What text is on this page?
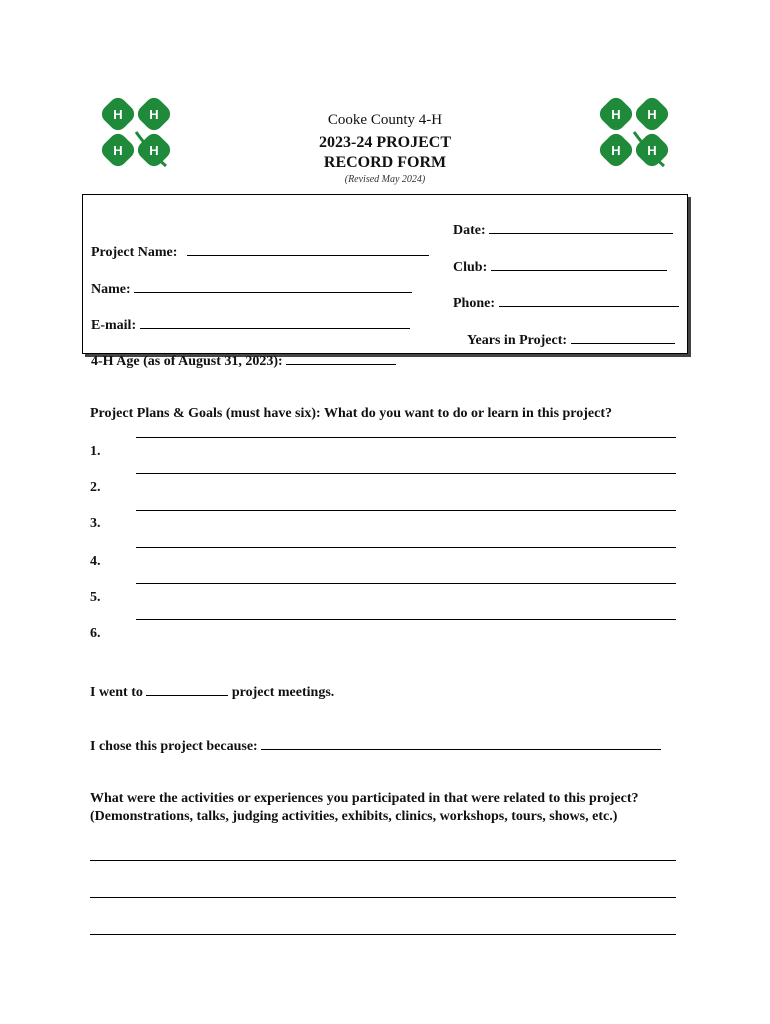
H H
H H
H H
H H
Cooke County 4-H
2023-24 PROJECT
RECORD FORM
(Revised May 2024)
Date:
Project Name:
Club:
Name:
Phone:
E-mail:
Years in Project:
4-H Age (as of August 31, 2023):
Project Plans & Goals (must have six): What do you want to do or learn in this project?
1.
2.
3.
4.
5.
6.
I went to	project meetings.
I chose this project because:
What were the activities or experiences you participated in that were related to this project?
(Demonstrations, talks, judging activities, exhibits, clinics, workshops, tours, shows, etc.)
